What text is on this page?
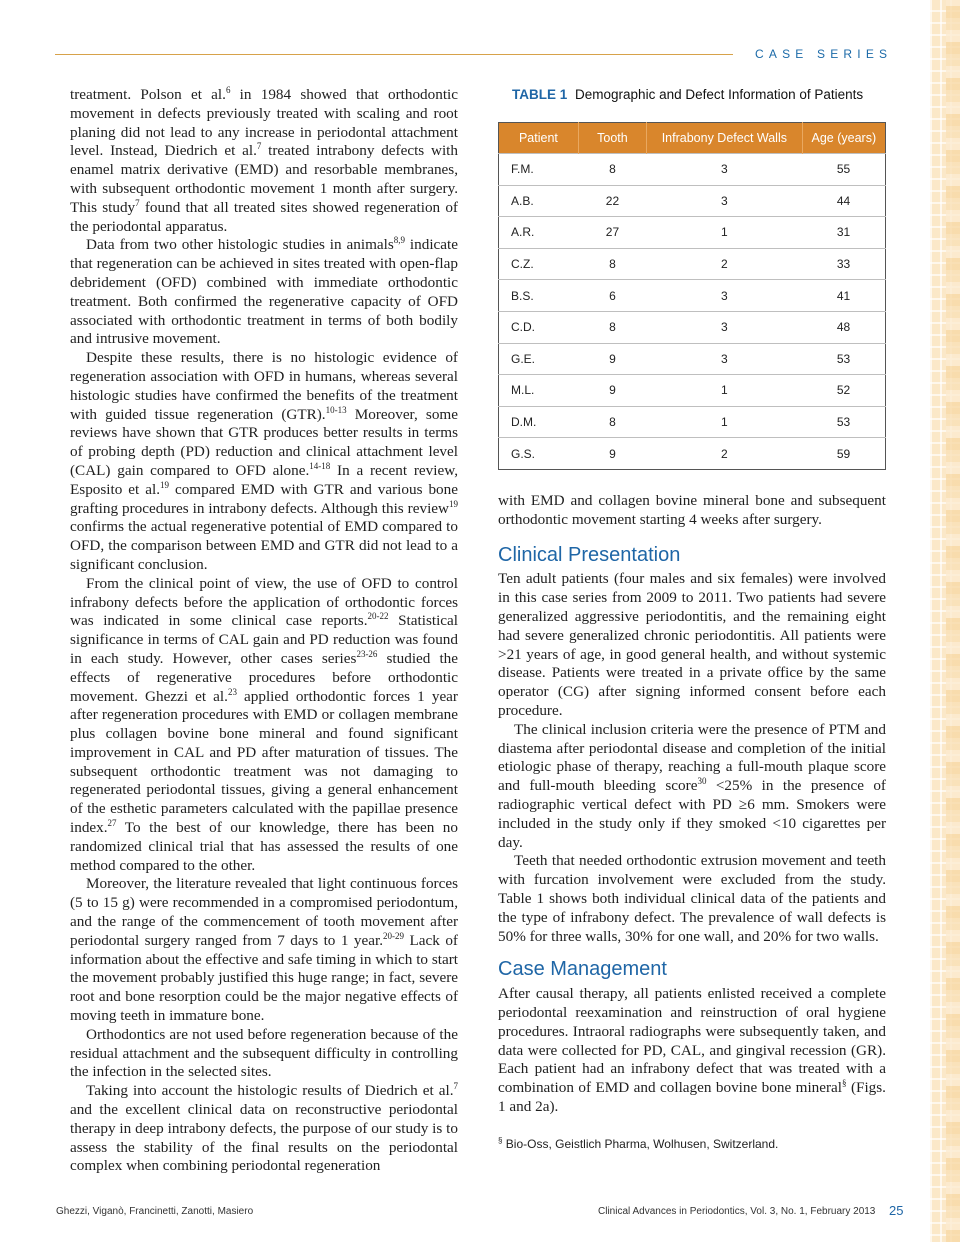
CASE SERIES

treatment. Polson et al.$^6$ in 1984 showed that orthodontic movement in defects previously treated with scaling and root planing did not lead to any increase in periodontal attachment level. Instead, Diedrich et al.$^7$ treated intrabony defects with enamel matrix derivative (EMD) and resorbable membranes, with subsequent orthodontic movement 1 month after surgery. This study$^7$ found that all treated sites showed regeneration of the periodontal apparatus.

Data from two other histologic studies in animals$^{8,9}$ indicate that regeneration can be achieved in sites treated with open-flap debridement (OFD) combined with immediate orthodontic treatment. Both confirmed the regenerative capacity of OFD associated with orthodontic treatment in terms of both bodily and intrusive movement.

Despite these results, there is no histologic evidence of regeneration association with OFD in humans, whereas several histologic studies have confirmed the benefits of the treatment with guided tissue regeneration (GTR).$^{10-13}$ Moreover, some reviews have shown that GTR produces better results in terms of probing depth (PD) reduction and clinical attachment level (CAL) gain compared to OFD alone.$^{14-18}$ In a recent review, Esposito et al.$^{19}$ compared EMD with GTR and various bone grafting procedures in intrabony defects. Although this review$^{19}$ confirms the actual regenerative potential of EMD compared to OFD, the comparison between EMD and GTR did not lead to a significant conclusion.

From the clinical point of view, the use of OFD to control infrabony defects before the application of orthodontic forces was indicated in some clinical case reports.$^{20-22}$ Statistical significance in terms of CAL gain and PD reduction was found in each study. However, other cases series$^{23-26}$ studied the effects of regenerative procedures before orthodontic movement. Ghezzi et al.$^{23}$ applied orthodontic forces 1 year after regeneration procedures with EMD or collagen membrane plus collagen bovine bone mineral and found significant improvement in CAL and PD after maturation of tissues. The subsequent orthodontic treatment was not damaging to regenerated periodontal tissues, giving a general enhancement of the esthetic parameters calculated with the papillae presence index.$^{27}$ To the best of our knowledge, there has been no randomized clinical trial that has assessed the results of one method compared to the other.

Moreover, the literature revealed that light continuous forces (5 to 15 g) were recommended in a compromised periodontum, and the range of the commencement of tooth movement after periodontal surgery ranged from 7 days to 1 year.$^{20-29}$ Lack of information about the effective and safe timing in which to start the movement probably justified this huge range; in fact, severe root and bone resorption could be the major negative effects of moving teeth in immature bone.

Orthodontics are not used before regeneration because of the residual attachment and the subsequent difficulty in controlling the infection in the selected sites.

Taking into account the histologic results of Diedrich et al.$^7$ and the excellent clinical data on reconstructive periodontal therapy in deep intrabony defects, the purpose of our study is to assess the stability of the final results on the periodontal complex when combining periodontal regeneration

TABLE 1 Demographic and Defect Information of Patients
Patient	Tooth	Infrabony Defect Walls	Age (years)
F.M.	8	3	55
A.B.	22	3	44
A.R.	27	1	31
C.Z.	8	2	33
B.S.	6	3	41
C.D.	8	3	48
G.E.	9	3	53
M.L.	9	1	52
D.M.	8	1	53
G.S.	9	2	59

with EMD and collagen bovine mineral bone and subsequent orthodontic movement starting 4 weeks after surgery.

Clinical Presentation

Ten adult patients (four males and six females) were involved in this case series from 2009 to 2011. Two patients had severe generalized aggressive periodontitis, and the remaining eight had severe generalized chronic periodontitis. All patients were >21 years of age, in good general health, and without systemic disease. Patients were treated in a private office by the same operator (CG) after signing informed consent before each procedure.

The clinical inclusion criteria were the presence of PTM and diastema after periodontal disease and completion of the initial etiologic phase of therapy, reaching a full-mouth plaque score and full-mouth bleeding score$^{30}$ <25% in the presence of radiographic vertical defect with PD ≥6 mm. Smokers were included in the study only if they smoked <10 cigarettes per day.

Teeth that needed orthodontic extrusion movement and teeth with furcation involvement were excluded from the study. Table 1 shows both individual clinical data of the patients and the type of infrabony defect. The prevalence of wall defects is 50% for three walls, 30% for one wall, and 20% for two walls.

Case Management

After causal therapy, all patients enlisted received a complete periodontal reexamination and reinstruction of oral hygiene procedures. Intraoral radiographs were subsequently taken, and data were collected for PD, CAL, and gingival recession (GR). Each patient had an infrabony defect that was treated with a combination of EMD and collagen bovine bone mineral§ (Figs. 1 and 2a).

§ Bio-Oss, Geistlich Pharma, Wolhusen, Switzerland.
Ghezzi, Viganò, Francinetti, Zanotti, Masiero	Clinical Advances in Periodontics, Vol. 3, No. 1, February 2013 25
